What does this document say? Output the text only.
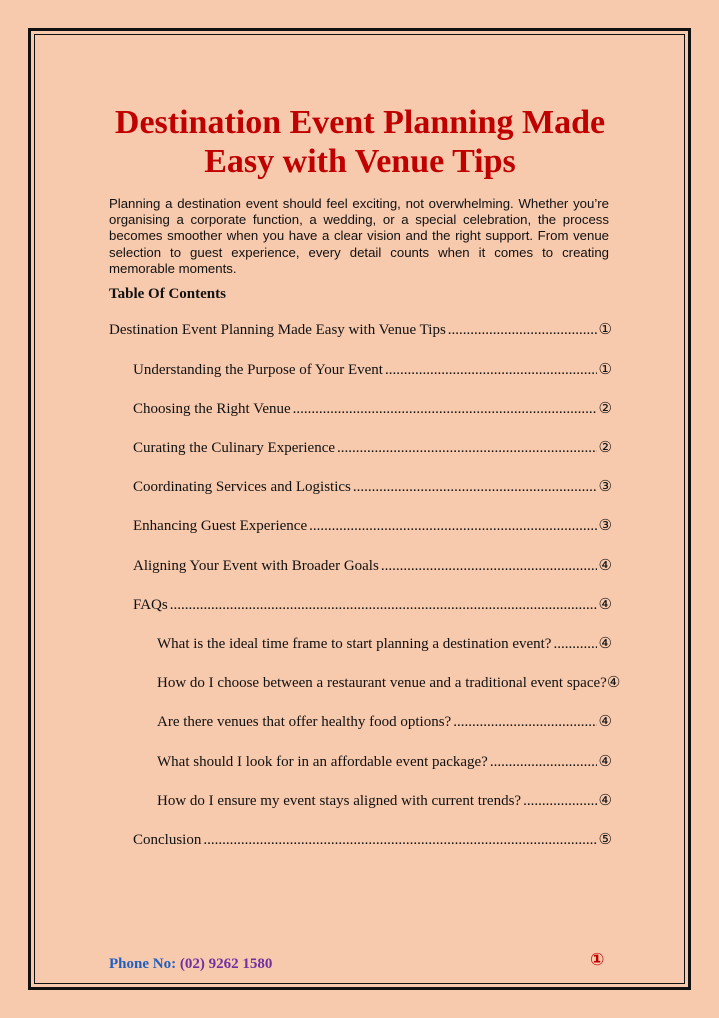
Destination Event Planning Made
Easy with Venue Tips

Planning a destination event should feel exciting, not overwhelming. Whether you’re organising a corporate function, a wedding, or a special celebration, the process becomes smoother when you have a clear vision and the right support. From venue selection to guest experience, every detail counts when it comes to creating memorable moments.

Table Of Contents
Destination Event Planning Made Easy with Venue Tips .....	①
Understanding the Purpose of Your Event .....	①
Choosing the Right Venue .....	②
Curating the Culinary Experience .....	②
Coordinating Services and Logistics .....	③
Enhancing Guest Experience .....	③
Aligning Your Event with Broader Goals .....	④
FAQs .....	④
What is the ideal time frame to start planning a destination event? .....	④
How do I choose between a restaurant venue and a traditional event space? ④
Are there venues that offer healthy food options? .....	④
What should I look for in an affordable event package? .....	④
How do I ensure my event stays aligned with current trends? .....	④
Conclusion .....	⑤

Phone No: (02) 9262 1580	①
